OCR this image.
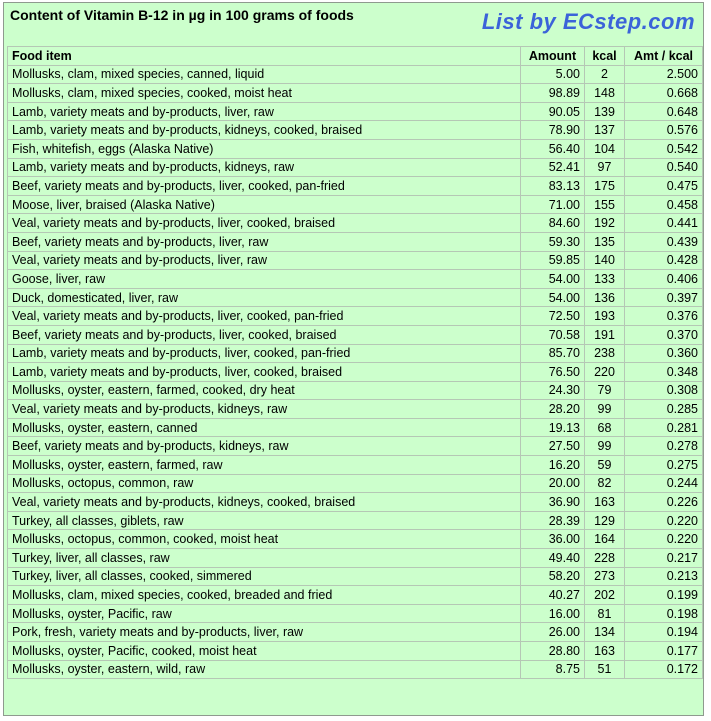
Content of Vitamin B-12 in µg in 100 grams of foods	List by ECstep.com
Food item	Amount	kcal	Amt / kcal
Mollusks, clam, mixed species, canned, liquid	5.00	2	2.500
Mollusks, clam, mixed species, cooked, moist heat	98.89	148	0.668
Lamb, variety meats and by-products, liver, raw	90.05	139	0.648
Lamb, variety meats and by-products, kidneys, cooked, braised	78.90	137	0.576
Fish, whitefish, eggs (Alaska Native)	56.40	104	0.542
Lamb, variety meats and by-products, kidneys, raw	52.41	97	0.540
Beef, variety meats and by-products, liver, cooked, pan-fried	83.13	175	0.475
Moose, liver, braised (Alaska Native)	71.00	155	0.458
Veal, variety meats and by-products, liver, cooked, braised	84.60	192	0.441
Beef, variety meats and by-products, liver, raw	59.30	135	0.439
Veal, variety meats and by-products, liver, raw	59.85	140	0.428
Goose, liver, raw	54.00	133	0.406
Duck, domesticated, liver, raw	54.00	136	0.397
Veal, variety meats and by-products, liver, cooked, pan-fried	72.50	193	0.376
Beef, variety meats and by-products, liver, cooked, braised	70.58	191	0.370
Lamb, variety meats and by-products, liver, cooked, pan-fried	85.70	238	0.360
Lamb, variety meats and by-products, liver, cooked, braised	76.50	220	0.348
Mollusks, oyster, eastern, farmed, cooked, dry heat	24.30	79	0.308
Veal, variety meats and by-products, kidneys, raw	28.20	99	0.285
Mollusks, oyster, eastern, canned	19.13	68	0.281
Beef, variety meats and by-products, kidneys, raw	27.50	99	0.278
Mollusks, oyster, eastern, farmed, raw	16.20	59	0.275
Mollusks, octopus, common, raw	20.00	82	0.244
Veal, variety meats and by-products, kidneys, cooked, braised	36.90	163	0.226
Turkey, all classes, giblets, raw	28.39	129	0.220
Mollusks, octopus, common, cooked, moist heat	36.00	164	0.220
Turkey, liver, all classes, raw	49.40	228	0.217
Turkey, liver, all classes, cooked, simmered	58.20	273	0.213
Mollusks, clam, mixed species, cooked, breaded and fried	40.27	202	0.199
Mollusks, oyster, Pacific, raw	16.00	81	0.198
Pork, fresh, variety meats and by-products, liver, raw	26.00	134	0.194
Mollusks, oyster, Pacific, cooked, moist heat	28.80	163	0.177
Mollusks, oyster, eastern, wild, raw	8.75	51	0.172
